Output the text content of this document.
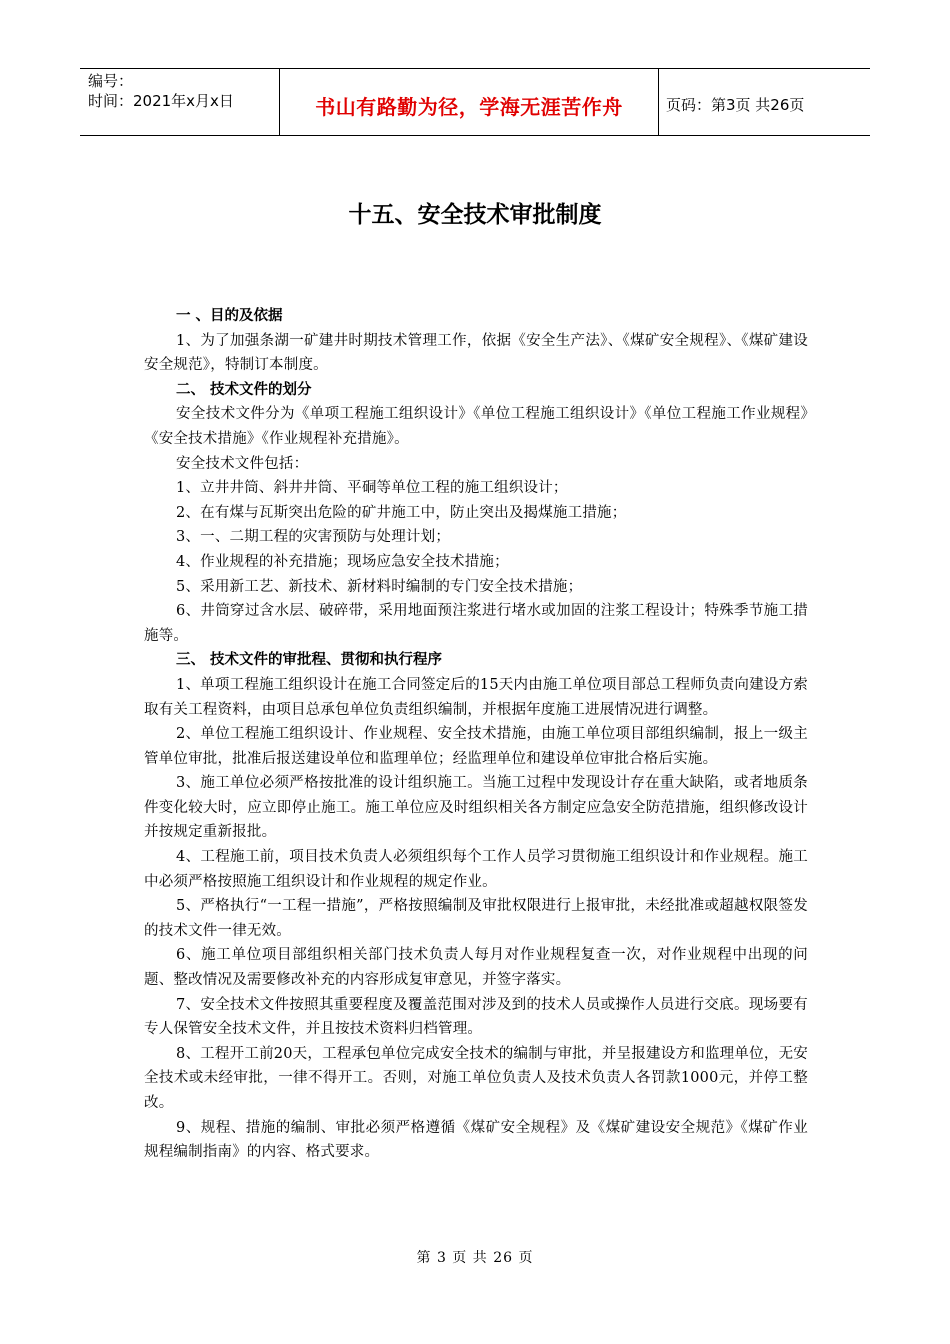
编号：
时间：2021年x月x日	书山有路勤为径，学海无涯苦作舟	页码：第3页 共26页
十五、安全技术审批制度

一 、目的及依据

1、为了加强条湖一矿建井时期技术管理工作，依据《安全生产法》、《煤矿安全规程》、《煤矿建设安全规范》，特制订本制度。

二、 技术文件的划分

安全技术文件分为《单项工程施工组织设计》《单位工程施工组织设计》《单位工程施工作业规程》《安全技术措施》《作业规程补充措施》。

安全技术文件包括：

1、立井井筒、斜井井筒、平硐等单位工程的施工组织设计；

2、在有煤与瓦斯突出危险的矿井施工中，防止突出及揭煤施工措施；

3、一、二期工程的灾害预防与处理计划；

4、作业规程的补充措施；现场应急安全技术措施；

5、采用新工艺、新技术、新材料时编制的专门安全技术措施；

6、井筒穿过含水层、破碎带，采用地面预注浆进行堵水或加固的注浆工程设计；特殊季节施工措施等。

三、 技术文件的审批程、贯彻和执行程序

1、单项工程施工组织设计在施工合同签定后的15天内由施工单位项目部总工程师负责向建设方索取有关工程资料，由项目总承包单位负责组织编制，并根据年度施工进展情况进行调整。

2、单位工程施工组织设计、作业规程、安全技术措施，由施工单位项目部组织编制，报上一级主管单位审批，批准后报送建设单位和监理单位；经监理单位和建设单位审批合格后实施。

3、施工单位必须严格按批准的设计组织施工。当施工过程中发现设计存在重大缺陷，或者地质条件变化较大时，应立即停止施工。施工单位应及时组织相关各方制定应急安全防范措施，组织修改设计并按规定重新报批。

4、工程施工前，项目技术负责人必须组织每个工作人员学习贯彻施工组织设计和作业规程。施工中必须严格按照施工组织设计和作业规程的规定作业。

5、严格执行“一工程一措施”，严格按照编制及审批权限进行上报审批，未经批准或超越权限签发的技术文件一律无效。

6、施工单位项目部组织相关部门技术负责人每月对作业规程复查一次，对作业规程中出现的问题、整改情况及需要修改补充的内容形成复审意见，并签字落实。

7、安全技术文件按照其重要程度及覆盖范围对涉及到的技术人员或操作人员进行交底。现场要有专人保管安全技术文件，并且按技术资料归档管理。

8、工程开工前20天，工程承包单位完成安全技术的编制与审批，并呈报建设方和监理单位，无安全技术或未经审批，一律不得开工。否则，对施工单位负责人及技术负责人各罚款1000元，并停工整改。

9、规程、措施的编制、审批必须严格遵循《煤矿安全规程》及《煤矿建设安全规范》《煤矿作业规程编制指南》的内容、格式要求。

第 3 页 共 26 页
